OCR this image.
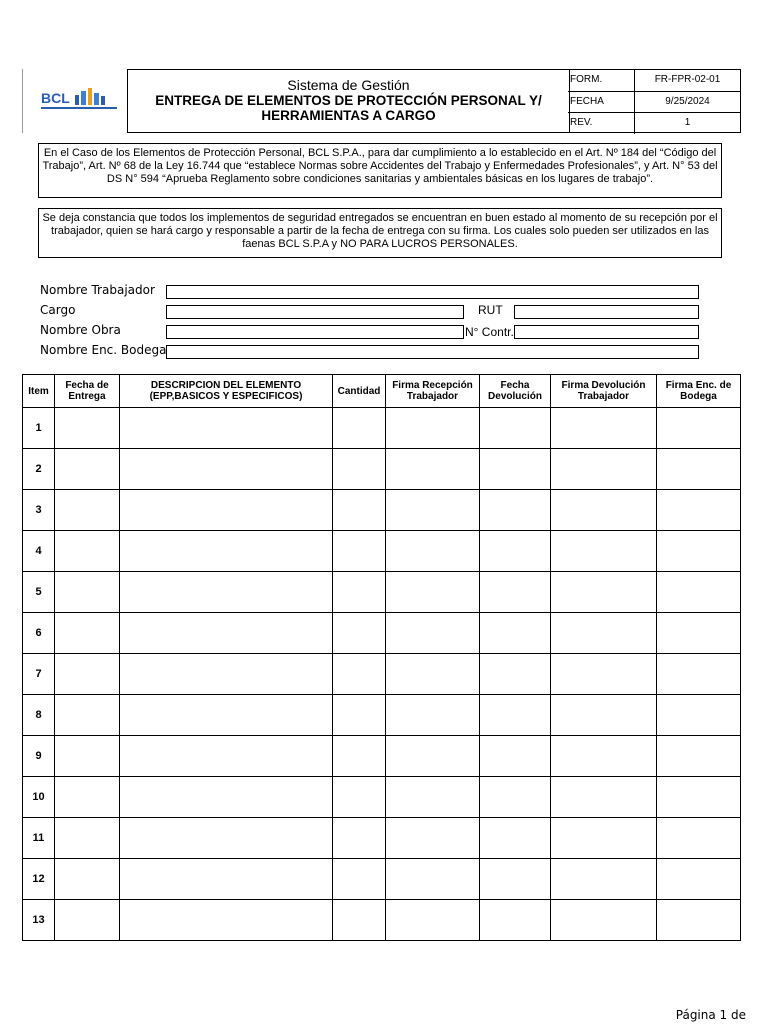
BCL
Sistema de Gestión
ENTREGA DE ELEMENTOS DE PROTECCIÓN PERSONAL Y/
HERRAMIENTAS A CARGO
FORM.	FR-FPR-02-01
FECHA	9/25/2024
REV.	1
En el Caso de los Elementos de Protección Personal, BCL S.P.A., para dar cumplimiento a lo establecido en el Art. Nº 184 del “Código del Trabajo”, Art. Nº 68 de la Ley 16.744 que “establece Normas sobre Accidentes del Trabajo y Enfermedades Profesionales”, y Art. N° 53 del DS N° 594 “Aprueba Reglamento sobre condiciones sanitarias y ambientales básicas en los lugares de trabajo”.
Se deja constancia que todos los implementos de seguridad entregados se encuentran en buen estado al momento de su recepción por el trabajador, quien se hará cargo y responsable a partir de la fecha de entrega con su firma. Los cuales solo pueden ser utilizados en las faenas BCL S.P.A y NO PARA LUCROS PERSONALES.
Nombre Trabajador
Cargo	RUT
Nombre Obra	N° Contr.
Nombre Enc. Bodega
Item	Fecha de Entrega	DESCRIPCION DEL ELEMENTO (EPP,BASICOS Y ESPECIFICOS)	Cantidad	Firma Recepción Trabajador	Fecha Devolución	Firma Devolución Trabajador	Firma Enc. de Bodega
1							
2							
3							
4							
5							
6							
7							
8							
9							
10							
11							
12							
13							
Página 1 de
